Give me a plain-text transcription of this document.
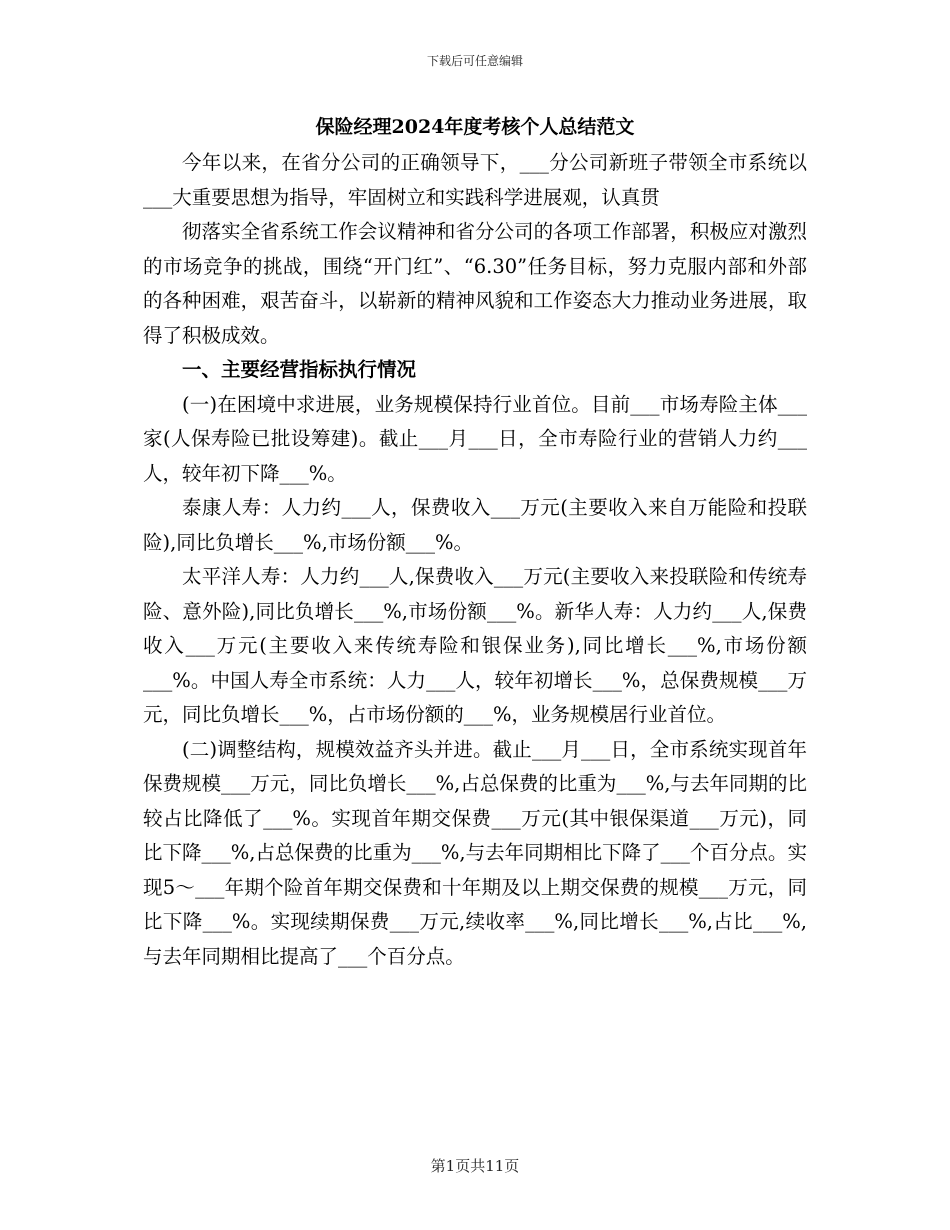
下载后可任意编辑
保险经理2024年度考核个人总结范文

今年以来，在省分公司的正确领导下，___分公司新班子带领全市系统以___大重要思想为指导，牢固树立和实践科学进展观，认真贯

彻落实全省系统工作会议精神和省分公司的各项工作部署，积极应对激烈的市场竞争的挑战，围绕“开门红”、“6.30”任务目标，努力克服内部和外部的各种困难，艰苦奋斗，以崭新的精神风貌和工作姿态大力推动业务进展，取得了积极成效。

一、主要经营指标执行情况

(一)在困境中求进展，业务规模保持行业首位。目前___市场寿险主体___家(人保寿险已批设筹建)。截止___月___日，全市寿险行业的营销人力约___人，较年初下降___%。

泰康人寿：人力约___人，保费收入___万元(主要收入来自万能险和投联险),同比负增长___%,市场份额___%。

太平洋人寿：人力约___人,保费收入___万元(主要收入来投联险和传统寿险、意外险),同比负增长___%,市场份额___%。新华人寿：人力约___人,保费收入___万元(主要收入来传统寿险和银保业务),同比增长___%,市场份额___%。中国人寿全市系统：人力___人，较年初增长___%，总保费规模___万元，同比负增长___%，占市场份额的___%，业务规模居行业首位。

(二)调整结构，规模效益齐头并进。截止___月___日，全市系统实现首年保费规模___万元，同比负增长___%,占总保费的比重为___%,与去年同期的比较占比降低了___%。实现首年期交保费___万元(其中银保渠道___万元)，同比下降___%,占总保费的比重为___%,与去年同期相比下降了___个百分点。实现5～___年期个险首年期交保费和十年期及以上期交保费的规模___万元，同比下降___%。实现续期保费___万元,续收率___%,同比增长___%,占比___%,与去年同期相比提高了___个百分点。

第1页共11页
